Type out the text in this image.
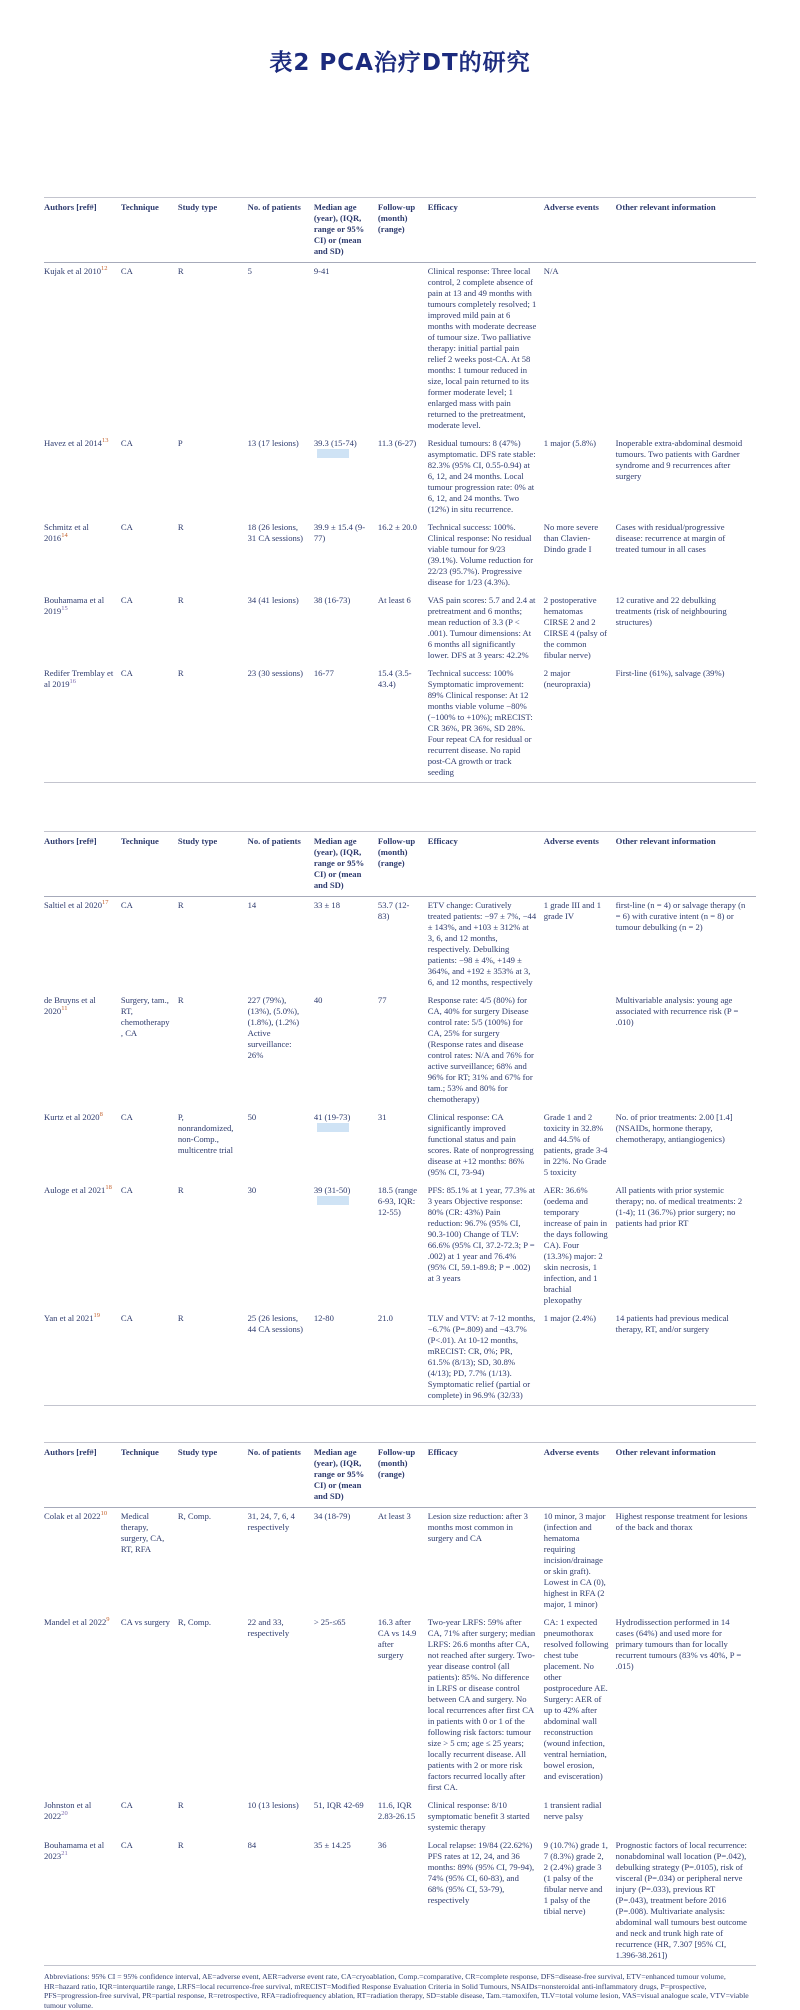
表2 PCA治疗DT的研究
Authors [ref#]	Technique	Study type	No. of patients	Median age (year), (IQR, range or 95% CI) or (mean and SD)	Follow-up (month) (range)	Efficacy	Adverse events	Other relevant information
Kujak et al 2010$^{12}$	CA	R	5	9-41		Clinical response: Three local control, 2 complete absence of pain at 13 and 49 months with tumours completely resolved; 1 improved mild pain at 6 months with moderate decrease of tumour size. Two palliative therapy: initial partial pain relief 2 weeks post-CA. At 58 months: 1 tumour reduced in size, local pain returned to its former moderate level; 1 enlarged mass with pain returned to the pretreatment, moderate level.	N/A	
Havez et al 2014$^{13}$	CA	P	13 (17 lesions)	39.3 (15-74)	11.3 (6-27)	Residual tumours: 8 (47%) asymptomatic. DFS rate stable: 82.3% (95% CI, 0.55-0.94) at 6, 12, and 24 months. Local tumour progression rate: 0% at 6, 12, and 24 months. Two (12%) in situ recurrence.	1 major (5.8%)	Inoperable extra-abdominal desmoid tumours. Two patients with Gardner syndrome and 9 recurrences after surgery
Schmitz et al 2016$^{14}$	CA	R	18 (26 lesions, 31 CA sessions)	39.9 ± 15.4 (9-77)	16.2 ± 20.0	Technical success: 100%. Clinical response: No residual viable tumour for 9/23 (39.1%). Volume reduction for 22/23 (95.7%). Progressive disease for 1/23 (4.3%).	No more severe than Clavien-Dindo grade I	Cases with residual/progressive disease: recurrence at margin of treated tumour in all cases
Bouhamama et al 2019$^{15}$	CA	R	34 (41 lesions)	38 (16-73)	At least 6	VAS pain scores: 5.7 and 2.4 at pretreatment and 6 months; mean reduction of 3.3 (P < .001). Tumour dimensions: At 6 months all significantly lower. DFS at 3 years: 42.2%	2 postoperative hematomas CIRSE 2 and 2 CIRSE 4 (palsy of the common fibular nerve)	12 curative and 22 debulking treatments (risk of neighbouring structures)
Redifer Tremblay et al 2019$^{16}$	CA	R	23 (30 sessions)	16-77	15.4 (3.5-43.4)	Technical success: 100% Symptomatic improvement: 89% Clinical response: At 12 months viable volume −80% (−100% to +10%); mRECIST: CR 36%, PR 36%, SD 28%. Four repeat CA for residual or recurrent disease. No rapid post-CA growth or track seeding	2 major (neuropraxia)	First-line (61%), salvage (39%)
Authors [ref#]	Technique	Study type	No. of patients	Median age (year), (IQR, range or 95% CI) or (mean and SD)	Follow-up (month) (range)	Efficacy	Adverse events	Other relevant information
Saltiel et al 2020$^{17}$	CA	R	14	33 ± 18	53.7 (12-83)	ETV change: Curatively treated patients: −97 ± 7%, −44 ± 143%, and +103 ± 312% at 3, 6, and 12 months, respectively. Debulking patients: −98 ± 4%, +149 ± 364%, and +192 ± 353% at 3, 6, and 12 months, respectively	1 grade III and 1 grade IV	first-line (n = 4) or salvage therapy (n = 6) with curative intent (n = 8) or tumour debulking (n = 2)
de Bruyns et al 2020$^{11}$	Surgery, tam., RT, chemotherapy, CA	R	227 (79%), (13%), (5.0%), (1.8%), (1.2%) Active surveillance: 26%	40	77	Response rate: 4/5 (80%) for CA, 40% for surgery Disease control rate: 5/5 (100%) for CA, 25% for surgery (Response rates and disease control rates: N/A and 76% for active surveillance; 68% and 96% for RT; 31% and 67% for tam.; 53% and 80% for chemotherapy)		Multivariable analysis: young age associated with recurrence risk (P = .010)
Kurtz et al 2020$^8$	CA	P, nonrandomized, non-Comp., multicentre trial	50	41 (19-73)	31	Clinical response: CA significantly improved functional status and pain scores. Rate of nonprogressing disease at +12 months: 86% (95% CI, 73-94)	Grade 1 and 2 toxicity in 32.8% and 44.5% of patients, grade 3-4 in 22%. No Grade 5 toxicity	No. of prior treatments: 2.00 [1.4] (NSAIDs, hormone therapy, chemotherapy, antiangiogenics)
Auloge et al 2021$^{18}$	CA	R	30	39 (31-50)	18.5 (range 6-93, IQR: 12-55)	PFS: 85.1% at 1 year, 77.3% at 3 years Objective response: 80% (CR: 43%) Pain reduction: 96.7% (95% CI, 90.3-100) Change of TLV: 66.6% (95% CI, 37.2-72.3; P = .002) at 1 year and 76.4% (95% CI, 59.1-89.8; P = .002) at 3 years	AER: 36.6% (oedema and temporary increase of pain in the days following CA). Four (13.3%) major: 2 skin necrosis, 1 infection, and 1 brachial plexopathy	All patients with prior systemic therapy; no. of medical treatments: 2 (1-4); 11 (36.7%) prior surgery; no patients had prior RT
Yan et al 2021$^{19}$	CA	R	25 (26 lesions, 44 CA sessions)	12-80	21.0	TLV and VTV: at 7-12 months, −6.7% (P=.809) and −43.7% (P<.01). At 10-12 months, mRECIST: CR, 0%; PR, 61.5% (8/13); SD, 30.8% (4/13); PD, 7.7% (1/13). Symptomatic relief (partial or complete) in 96.9% (32/33)	1 major (2.4%)	14 patients had previous medical therapy, RT, and/or surgery
Authors [ref#]	Technique	Study type	No. of patients	Median age (year), (IQR, range or 95% CI) or (mean and SD)	Follow-up (month) (range)	Efficacy	Adverse events	Other relevant information
Colak et al 2022$^{10}$	Medical therapy, surgery, CA, RT, RFA	R, Comp.	31, 24, 7, 6, 4 respectively	34 (18-79)	At least 3	Lesion size reduction: after 3 months most common in surgery and CA	10 minor, 3 major (infection and hematoma requiring incision/drainage or skin graft). Lowest in CA (0), highest in RFA (2 major, 1 minor)	Highest response treatment for lesions of the back and thorax
Mandel et al 2022$^9$	CA vs surgery	R, Comp.	22 and 33, respectively	> 25-≤65	16.3 after CA vs 14.9 after surgery	Two-year LRFS: 59% after CA, 71% after surgery; median LRFS: 26.6 months after CA, not reached after surgery. Two-year disease control (all patients): 85%. No difference in LRFS or disease control between CA and surgery. No local recurrences after first CA in patients with 0 or 1 of the following risk factors: tumour size > 5 cm; age ≤ 25 years; locally recurrent disease. All patients with 2 or more risk factors recurred locally after first CA.	CA: 1 expected pneumothorax resolved following chest tube placement. No other postprocedure AE. Surgery: AER of up to 42% after abdominal wall reconstruction (wound infection, ventral herniation, bowel erosion, and evisceration)	Hydrodissection performed in 14 cases (64%) and used more for primary tumours than for locally recurrent tumours (83% vs 40%, P = .015)
Johnston et al 2022$^{20}$	CA	R	10 (13 lesions)	51, IQR 42-69	11.6, IQR 2.83-26.15	Clinical response: 8/10 symptomatic benefit 3 started systemic therapy	1 transient radial nerve palsy	
Bouhamama et al 2023$^{21}$	CA	R	84	35 ± 14.25	36	Local relapse: 19/84 (22.62%) PFS rates at 12, 24, and 36 months: 89% (95% CI, 79-94), 74% (95% CI, 60-83), and 68% (95% CI, 53-79), respectively	9 (10.7%) grade 1, 7 (8.3%) grade 2, 2 (2.4%) grade 3 (1 palsy of the fibular nerve and 1 palsy of the tibial nerve)	Prognostic factors of local recurrence: nonabdominal wall location (P=.042), debulking strategy (P=.0105), risk of visceral (P=.034) or peripheral nerve injury (P=.033), previous RT (P=.043), treatment before 2016 (P=.008). Multivariate analysis: abdominal wall tumours best outcome and neck and trunk high rate of recurrence (HR, 7.307 [95% CI, 1.396-38.261])

Abbreviations: 95% CI = 95% confidence interval, AE=adverse event, AER=adverse event rate, CA=cryoablation, Comp.=comparative, CR=complete response, DFS=disease-free survival, ETV=enhanced tumour volume, HR=hazard ratio, IQR=interquartile range, LRFS=local recurrence-free survival, mRECIST=Modified Response Evaluation Criteria in Solid Tumours, NSAIDs=nonsteroidal anti-inflammatory drugs, P=prospective, PFS=progression-free survival, PR=partial response, R=retrospective, RFA=radiofrequency ablation, RT=radiation therapy, SD=stable disease, Tam.=tamoxifen, TLV=total volume lesion, VAS=visual analogue scale, VTV=viable tumour volume.
